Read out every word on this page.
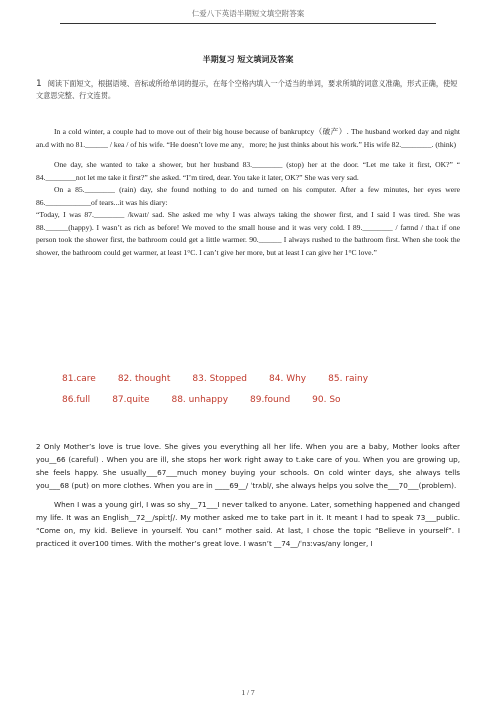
仁爱八下英语半期短文填空附答案
半期复习 短文填词及答案
1 阅读下面短文，根据语境、音标或所给单词的提示，在每个空格内填入一个适当的单词，要求所填的词意义准确，形式正确，使短文意思完整、行文连贯。

In a cold winter, a couple had to move out of their big house because of bankruptcy（破产）. The husband worked day and night an.d with no 81.______ / kea / of his wife. “He doesn’t love me any．more; he just thinks about his work.” His wife 82.________. (think)

One day, she wanted to take a shower, but her husband 83.________ (stop) her at the door. “Let me take it first, OK?” “ 84.________not let me take it first?” she asked. “I’m tired, dear. You take it later, OK?” She was very sad.

On a 85.________ (rain) day, she found nothing to do and turned on his computer. After a few minutes, her eyes were 86.____________of tears...it was his diary:

“Today, I was 87.________ /kwaɪt/ sad. She asked me why I was always taking the shower first, and I said I was tired. She was 88.______(happy). I wasn’t as rich as before! We moved to the small house and it was very cold. I 89.________ / faʊnd / tha.t if one person took the shower first, the bathroom could get a little warmer. 90.______ I always rushed to the bathroom first. When she took the shower, the bathroom could get warmer, at least 1°C. I can’t give her more, but at least I can give her 1°C love.”

81.care 82. thought 83. Stopped 84. Why 85. rainy
86.full 87.quite 88. unhappy 89.found 90. So

2 Only Mother’s love is true love. She gives you everything all her life. When you are a baby, Mother looks after you__66 (careful) . When you are ill, she stops her work right away to t.ake care of you. When you are growing up, she feels happy. She usually___67___much money buying your schools. On cold winter days, she always tells you___68 (put) on more clothes. When you are in ____69__/ ˈtrʌbl/, she always helps you solve the___70___(problem).

When I was a young girl, I was so shy__71___I never talked to anyone. Later, something happened and changed my life. It was an English__72__/spiːtʃ/. My mother asked me to take part in it. It meant I had to speak 73___public. “Come on, my kid. Believe in yourself. You can!” mother said. At last, I chose the topic “Believe in yourself”. I practiced it over100 times. With the mother’s great love. I wasn’t __74__/ˈnɜːvəs/any longer, I

1 / 7
